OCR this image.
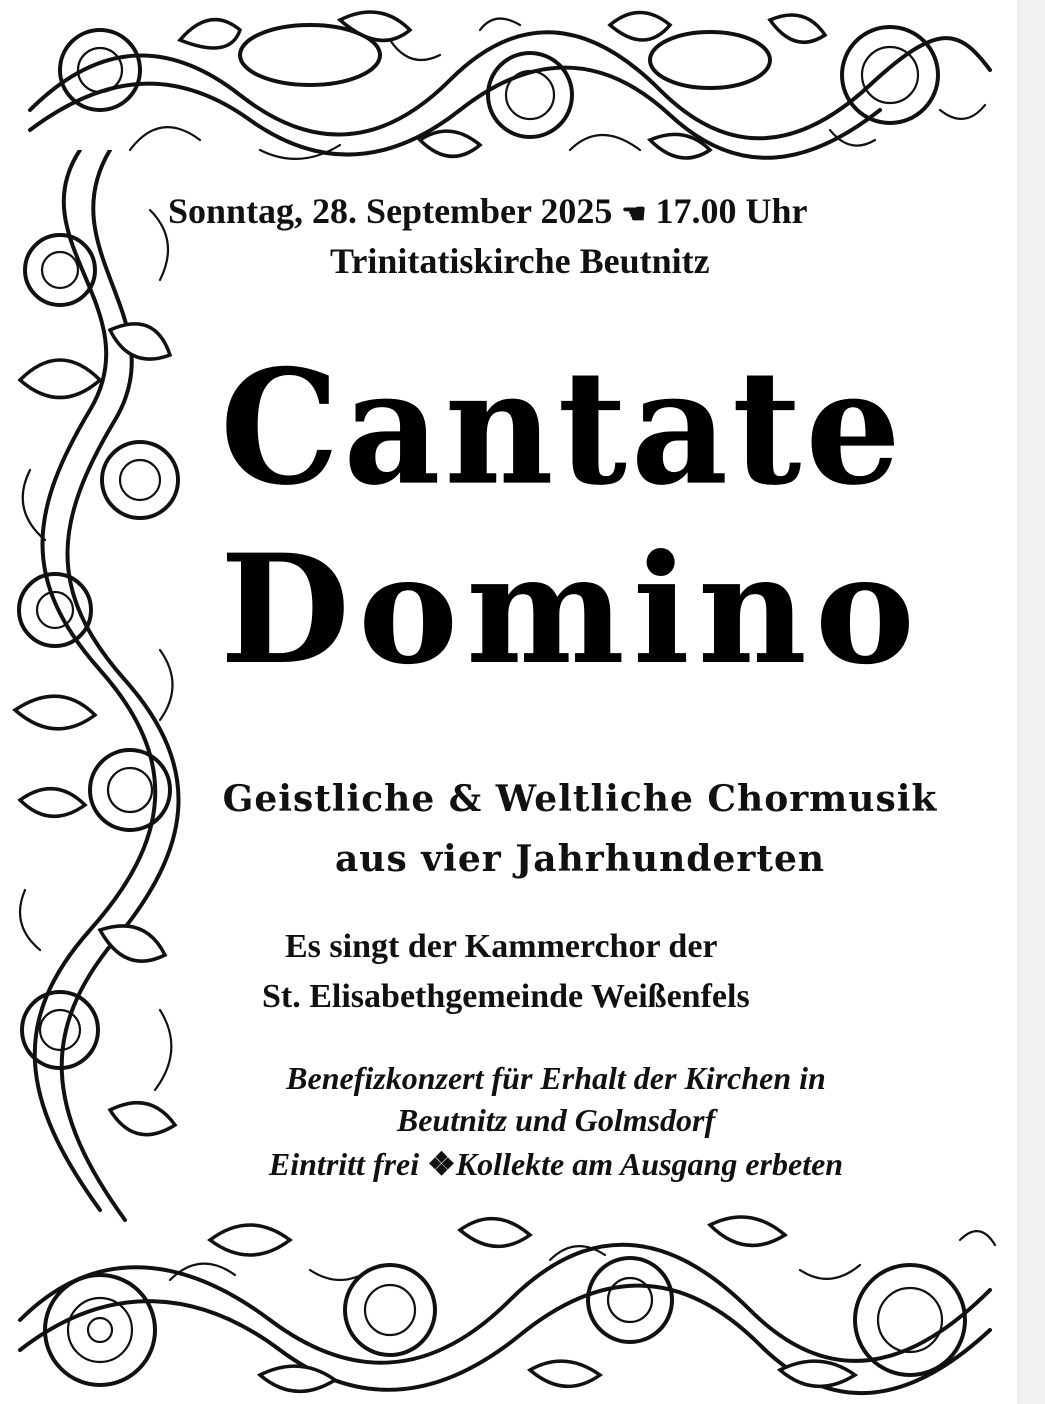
Sonntag, 28. September 2025 ☚ 17.00 Uhr
Trinitatiskirche Beutnitz
Cantate
Domino
Geistliche & Weltliche Chormusik
aus vier Jahrhunderten
Es singt der Kammerchor der
St. Elisabethgemeinde Weißenfels
Benefizkonzert für Erhalt der Kirchen in
Beutnitz und Golmsdorf
Eintritt frei ❖Kollekte am Ausgang erbeten
